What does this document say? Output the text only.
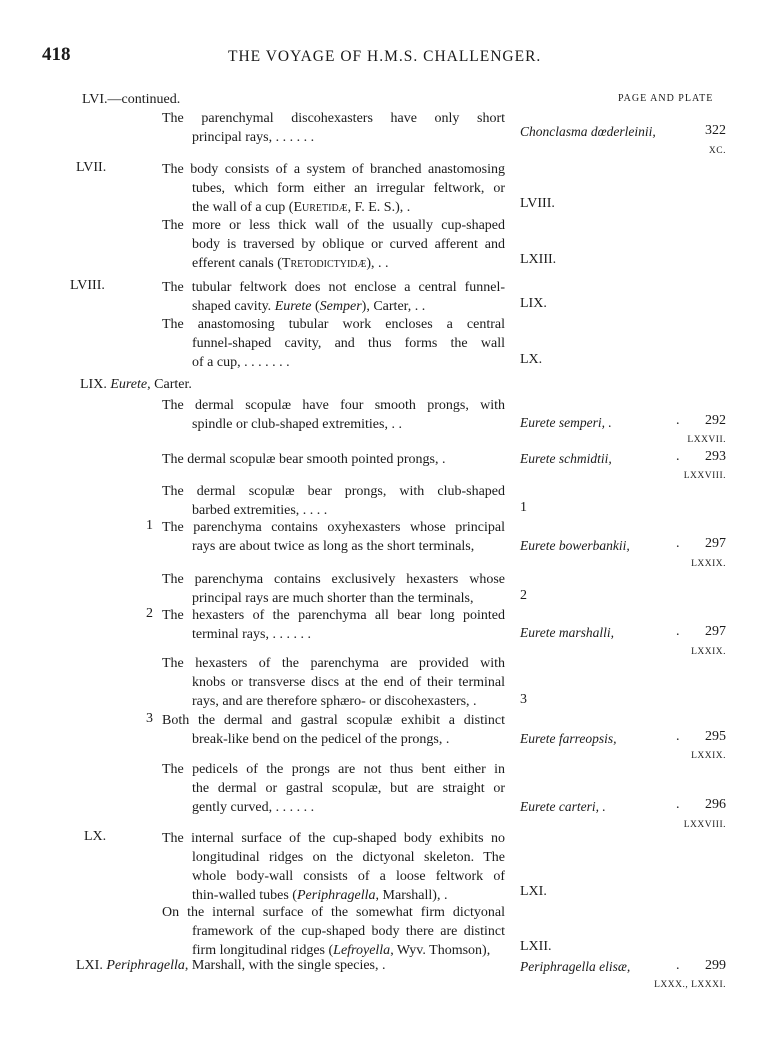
418	THE VOYAGE OF H.M.S. CHALLENGER.
LVI.—continued.	PAGE AND PLATE
The parenchymal discohexasters have only short
principal rays, . . . . . .	Chonclasma dœderleinii,	322
XC.
LVII.	The body consists of a system of branched anastomosing
tubes, which form either an irregular feltwork, or
the wall of a cup (Euretidæ, F. E. S.), .	LVIII.
The more or less thick wall of the usually cup-shaped
body is traversed by oblique or curved afferent and
efferent canals (Tretodictyidæ), . .	LXIII.
LVIII.	The tubular feltwork does not enclose a central funnel-
shaped cavity. Eurete (Semper), Carter, . .	LIX.
The anastomosing tubular work encloses a central
funnel-shaped cavity, and thus forms the wall
of a cup, . . . . . . .	LX.
LIX. Eurete, Carter.
The dermal scopulæ have four smooth prongs, with
spindle or club-shaped extremities, . .	Eurete semperi, .	.	292
LXXVII.
The dermal scopulæ bear smooth pointed prongs, .	Eurete schmidtii,	.	293
LXXVIII.
The dermal scopulæ bear prongs, with club-shaped
barbed extremities, . . . .	1
1 The parenchyma contains oxyhexasters whose principal
rays are about twice as long as the short terminals,	Eurete bowerbankii,	.	297
LXXIX.
The parenchyma contains exclusively hexasters whose
principal rays are much shorter than the terminals,	2
2 The hexasters of the parenchyma all bear long pointed
terminal rays, . . . . . .	Eurete marshalli,	.	297
LXXIX.
The hexasters of the parenchyma are provided with
knobs or transverse discs at the end of their terminal
rays, and are therefore sphæro- or discohexasters, .	3
3 Both the dermal and gastral scopulæ exhibit a distinct
break-like bend on the pedicel of the prongs, .	Eurete farreopsis,	.	295
LXXIX.
The pedicels of the prongs are not thus bent either in
the dermal or gastral scopulæ, but are straight or
gently curved, . . . . . .	Eurete carteri, .	.	296
LXXVIII.
LX.	The internal surface of the cup-shaped body exhibits no
longitudinal ridges on the dictyonal skeleton. The
whole body-wall consists of a loose feltwork of
thin-walled tubes (Periphragella, Marshall), .	LXI.
On the internal surface of the somewhat firm dictyonal
framework of the cup-shaped body there are distinct
firm longitudinal ridges (Lefroyella, Wyv. Thomson),	LXII.
LXI. Periphragella, Marshall, with the single species, .	Periphragella elisæ,	.	299
LXXX., LXXXI.
